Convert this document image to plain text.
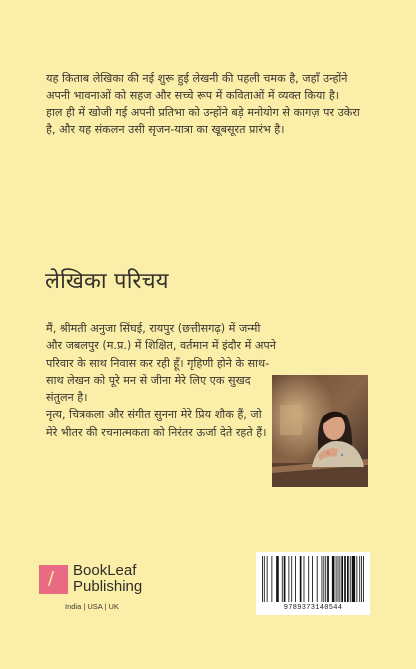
यह किताब लेखिका की नई शुरू हुई लेखनी की पहली चमक है, जहाँ उन्होंने अपनी भावनाओं को सहज और सच्चे रूप में कविताओं में व्यक्त किया है।

हाल ही में खोजी गई अपनी प्रतिभा को उन्होंने बड़े मनोयोग से कागज़ पर उकेरा है, और यह संकलन उसी सृजन-यात्रा का खूबसूरत प्रारंभ है।

लेखिका परिचय

मैं, श्रीमती अनुजा सिंघई, रायपुर (छत्तीसगढ़) में जन्मी और जबलपुर (म.प्र.) में शिक्षित, वर्तमान में इंदौर में अपने परिवार के साथ निवास कर रही हूँ। गृहिणी होने के साथ-साथ लेखन को पूरे मन से जीना मेरे लिए एक सुखद संतुलन है।

नृत्य, चित्रकला और संगीत सुनना मेरे प्रिय शौक हैं, जो मेरे भीतर की रचनात्मकता को निरंतर ऊर्जा देते रहते हैं।

/ BookLeaf
Publishing
India | USA | UK	9789373140544
